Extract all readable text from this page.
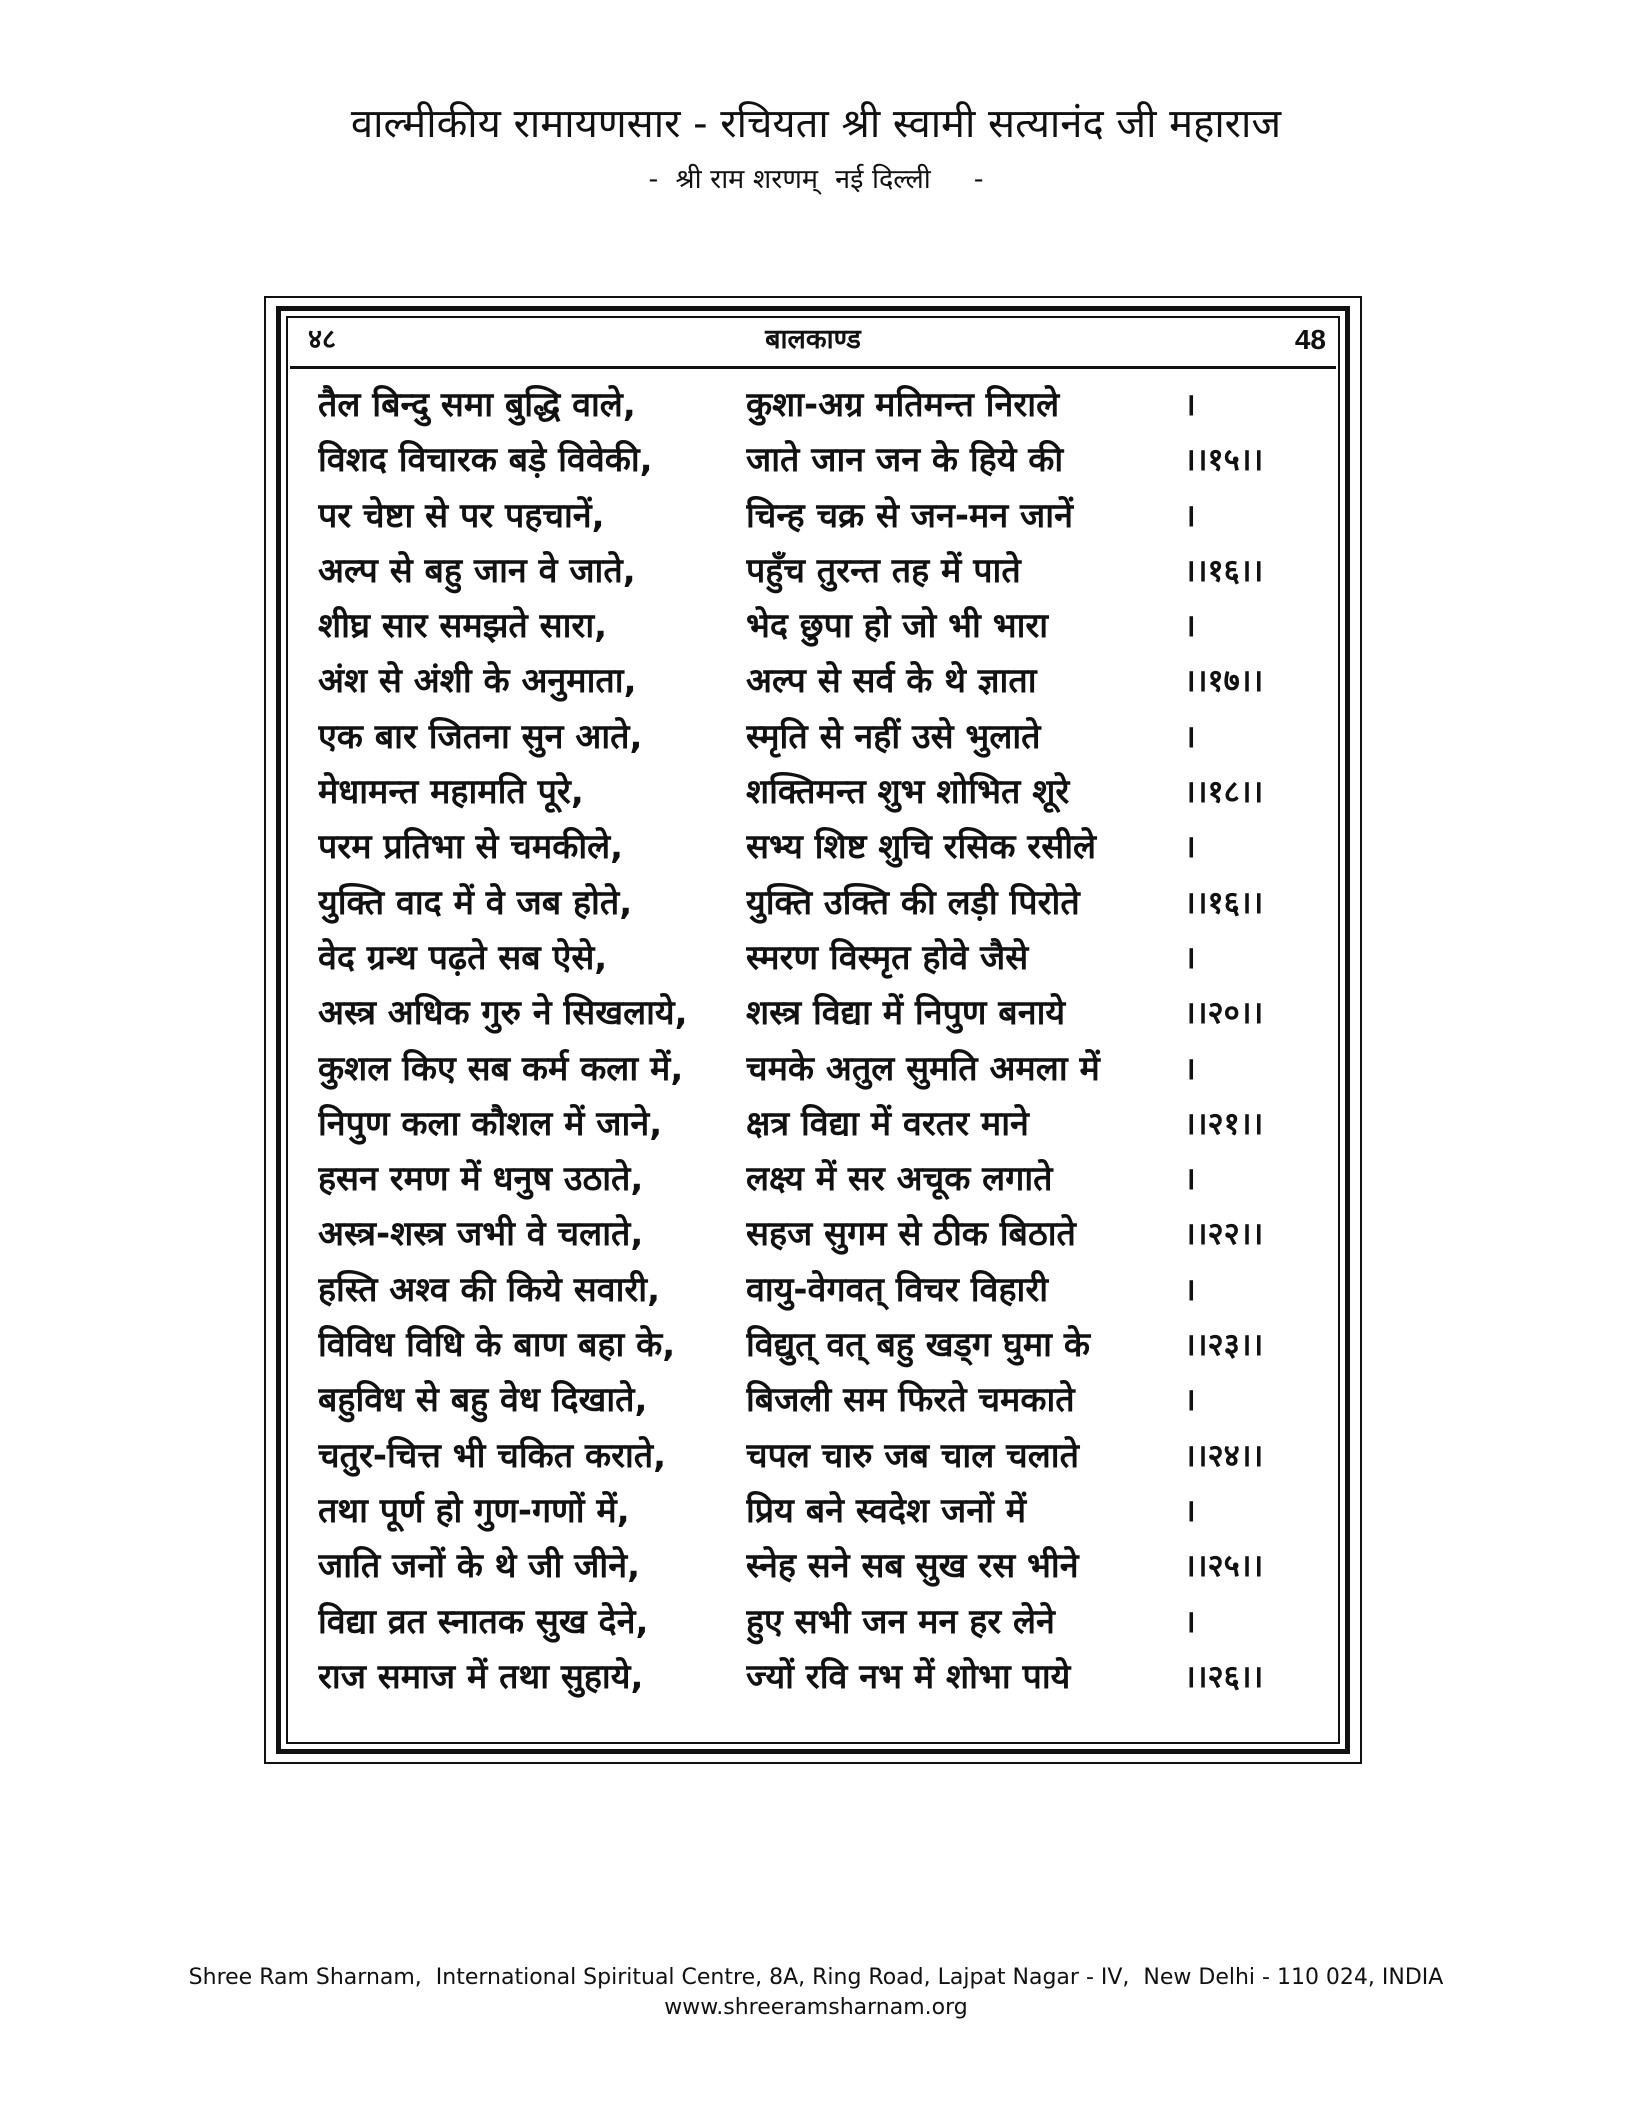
वाल्मीकीय रामायणसार - रचियता श्री स्वामी सत्यानंद जी महाराज
-  श्री राम शरणम्  नई दिल्ली     -
बालकाण्ड
४८	48
तैल बिन्दु समा बुद्धि वाले,	कुशा-अग्र मतिमन्त निराले	।
विशद विचारक बड़े विवेकी,	जाते जान जन के हिये की	।।१५।।
पर चेष्टा से पर पहचानें,	चिन्ह चक्र से जन-मन जानें	।
अल्प से बहु जान वे जाते,	पहुँच तुरन्त तह में पाते	।।१६।।
शीघ्र सार समझते सारा,	भेद छुपा हो जो भी भारा	।
अंश से अंशी के अनुमाता,	अल्प से सर्व के थे ज्ञाता	।।१७।।
एक बार जितना सुन आते,	स्मृति से नहीं उसे भुलाते	।
मेधामन्त महामति पूरे,	शक्तिमन्त शुभ शोभित शूरे	।।१८।।
परम प्रतिभा से चमकीले,	सभ्य शिष्ट शुचि रसिक रसीले	।
युक्ति वाद में वे जब होते,	युक्ति उक्ति की लड़ी पिरोते	।।१६।।
वेद ग्रन्थ पढ़ते सब ऐसे,	स्मरण विस्मृत होवे जैसे	।
अस्त्र अधिक गुरु ने सिखलाये,	शस्त्र विद्या में निपुण बनाये	।।२०।।
कुशल किए सब कर्म कला में,	चमके अतुल सुमति अमला में	।
निपुण कला कौशल में जाने,	क्षत्र विद्या में वरतर माने	।।२१।।
हसन रमण में धनुष उठाते,	लक्ष्य में सर अचूक लगाते	।
अस्त्र-शस्त्र जभी वे चलाते,	सहज सुगम से ठीक बिठाते	।।२२।।
हस्ति अश्व की किये सवारी,	वायु-वेगवत् विचर विहारी	।
विविध विधि के बाण बहा के,	विद्युत् वत् बहु खड्ग घुमा के	।।२३।।
बहुविध से बहु वेध दिखाते,	बिजली सम फिरते चमकाते	।
चतुर-चित्त भी चकित कराते,	चपल चारु जब चाल चलाते	।।२४।।
तथा पूर्ण हो गुण-गणों में,	प्रिय बने स्वदेश जनों में	।
जाति जनों के थे जी जीने,	स्नेह सने सब सुख रस भीने	।।२५।।
विद्या व्रत स्नातक सुख देने,	हुए सभी जन मन हर लेने	।
राज समाज में तथा सुहाये,	ज्यों रवि नभ में शोभा पाये	।।२६।।
Shree Ram Sharnam,  International Spiritual Centre, 8A, Ring Road, Lajpat Nagar - IV,  New Delhi - 110 024, INDIA
www.shreeramsharnam.org
